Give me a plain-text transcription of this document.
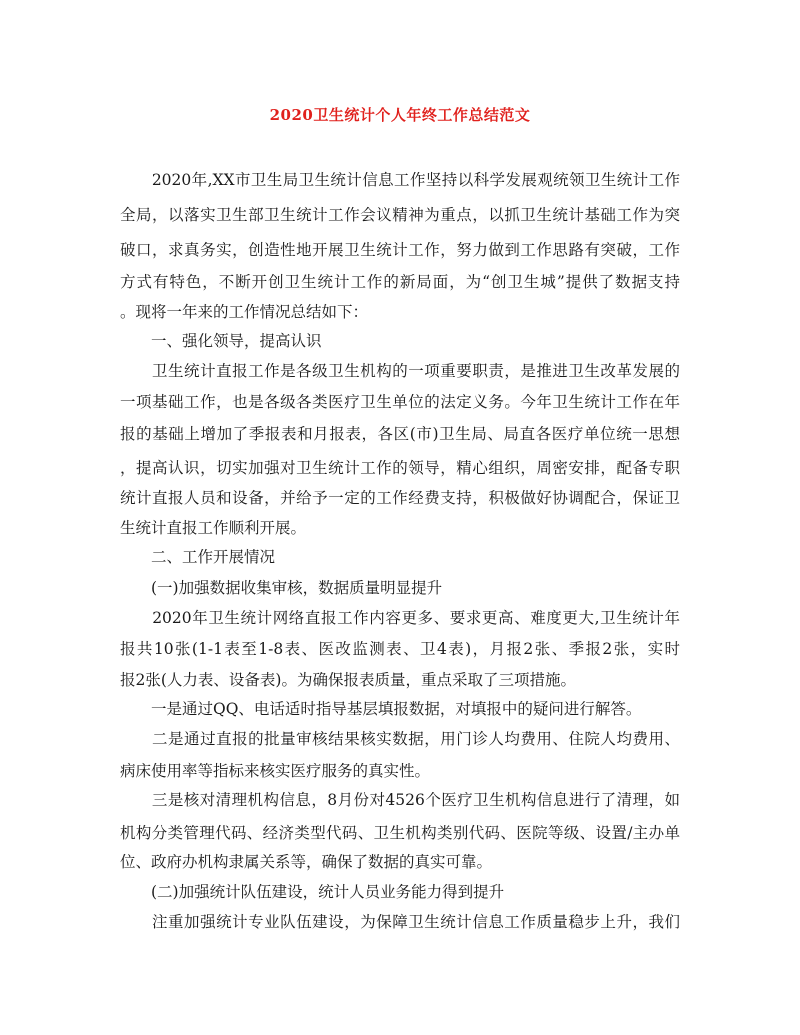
2020卫生统计个人年终工作总结范文
　　2020年,XX市卫生局卫生统计信息工作坚持以科学发展观统领卫生统计工作
全局，以落实卫生部卫生统计工作会议精神为重点，以抓卫生统计基础工作为突
破口，求真务实，创造性地开展卫生统计工作，努力做到工作思路有突破，工作
方式有特色，不断开创卫生统计工作的新局面，为“创卫生城”提供了数据支持
。现将一年来的工作情况总结如下：
　　一、强化领导，提高认识
　　卫生统计直报工作是各级卫生机构的一项重要职责，是推进卫生改革发展的
一项基础工作，也是各级各类医疗卫生单位的法定义务。今年卫生统计工作在年
报的基础上增加了季报表和月报表，各区(市)卫生局、局直各医疗单位统一思想
，提高认识，切实加强对卫生统计工作的领导，精心组织，周密安排，配备专职
统计直报人员和设备，并给予一定的工作经费支持，积极做好协调配合，保证卫
生统计直报工作顺利开展。
　　二、工作开展情况
　　(一)加强数据收集审核，数据质量明显提升
　　2020年卫生统计网络直报工作内容更多、要求更高、难度更大,卫生统计年
报共10张(1-1表至1-8表、医改监测表、卫4表)，月报2张、季报2张，实时
报2张(人力表、设备表)。为确保报表质量，重点采取了三项措施。
　　一是通过QQ、电话适时指导基层填报数据，对填报中的疑问进行解答。
　　二是通过直报的批量审核结果核实数据，用门诊人均费用、住院人均费用、
病床使用率等指标来核实医疗服务的真实性。
　　三是核对清理机构信息，8月份对4526个医疗卫生机构信息进行了清理，如
机构分类管理代码、经济类型代码、卫生机构类别代码、医院等级、设置/主办单
位、政府办机构隶属关系等，确保了数据的真实可靠。
　　(二)加强统计队伍建设，统计人员业务能力得到提升
　　注重加强统计专业队伍建设，为保障卫生统计信息工作质量稳步上升，我们
